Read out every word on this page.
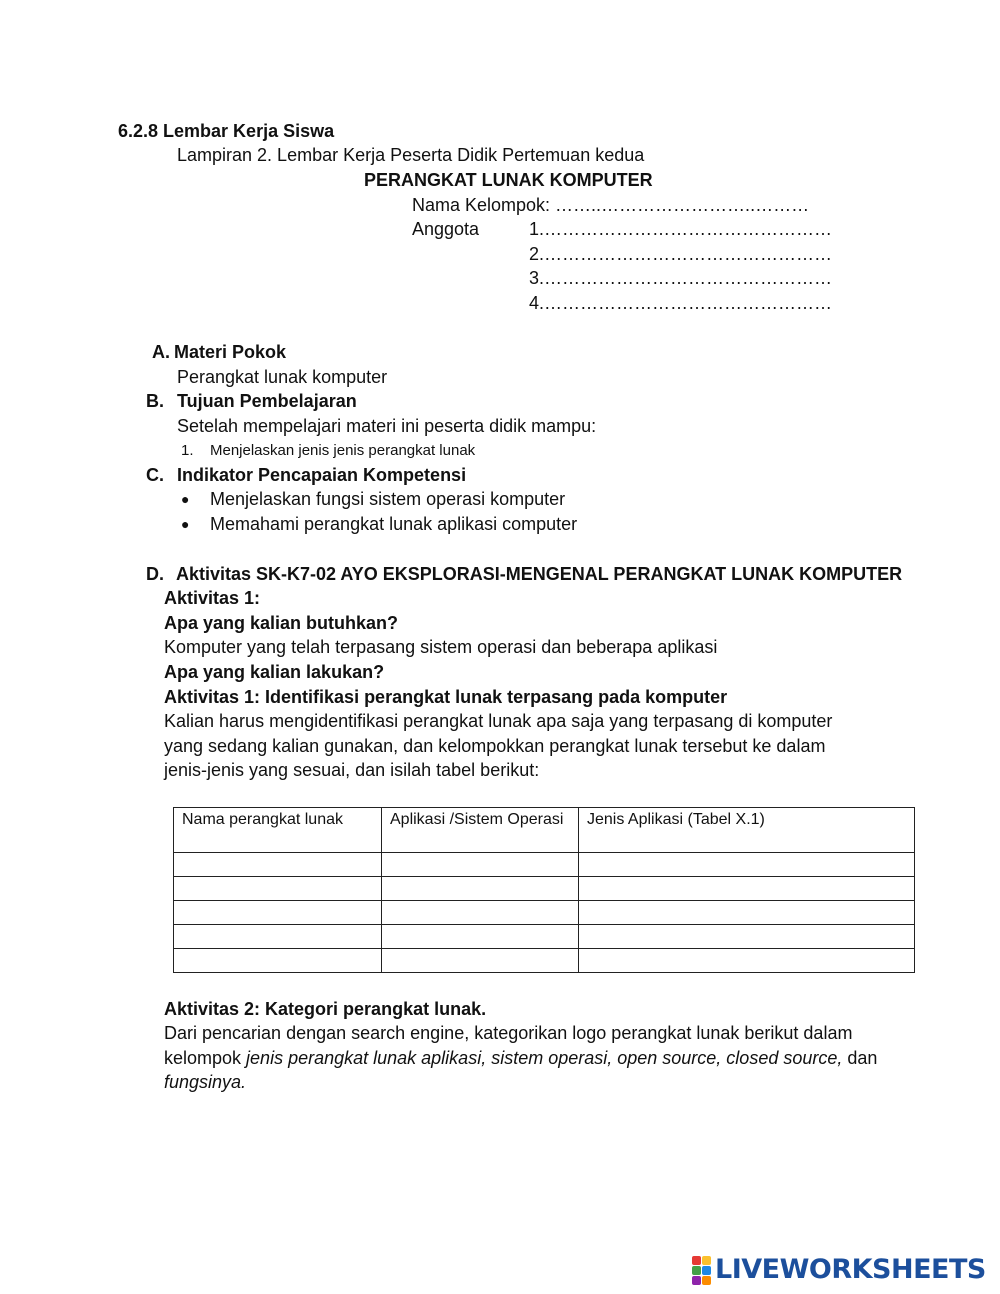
6.2.8 Lembar Kerja Siswa
Lampiran 2. Lembar Kerja Peserta Didik Pertemuan kedua
PERANGKAT LUNAK KOMPUTER
Nama Kelompok: ……..……………………..………
Anggota	1.…………………………………………
2.…………………………………………
3.…………………………………………
4.…………………………………………
A. Materi Pokok
Perangkat lunak komputer
B. Tujuan Pembelajaran
Setelah mempelajari materi ini peserta didik mampu:
1. Menjelaskan jenis jenis perangkat lunak
C. Indikator Pencapaian Kompetensi
● Menjelaskan fungsi sistem operasi komputer
● Memahami perangkat lunak aplikasi computer
D. Aktivitas SK-K7-02 AYO EKSPLORASI-MENGENAL PERANGKAT LUNAK KOMPUTER
Aktivitas 1:
Apa yang kalian butuhkan?
Komputer yang telah terpasang sistem operasi dan beberapa aplikasi
Apa yang kalian lakukan?
Aktivitas 1: Identifikasi perangkat lunak terpasang pada komputer
Kalian harus mengidentifikasi perangkat lunak apa saja yang terpasang di komputer
yang sedang kalian gunakan, dan kelompokkan perangkat lunak tersebut ke dalam
jenis-jenis yang sesuai, dan isilah tabel berikut:
Nama perangkat lunak	Aplikasi /Sistem Operasi	Jenis Aplikasi (Tabel X.1)

Aktivitas 2: Kategori perangkat lunak.
Dari pencarian dengan search engine, kategorikan logo perangkat lunak berikut dalam
kelompok jenis perangkat lunak aplikasi, sistem operasi, open source, closed source, dan
fungsinya.
LIVEWORKSHEETS
